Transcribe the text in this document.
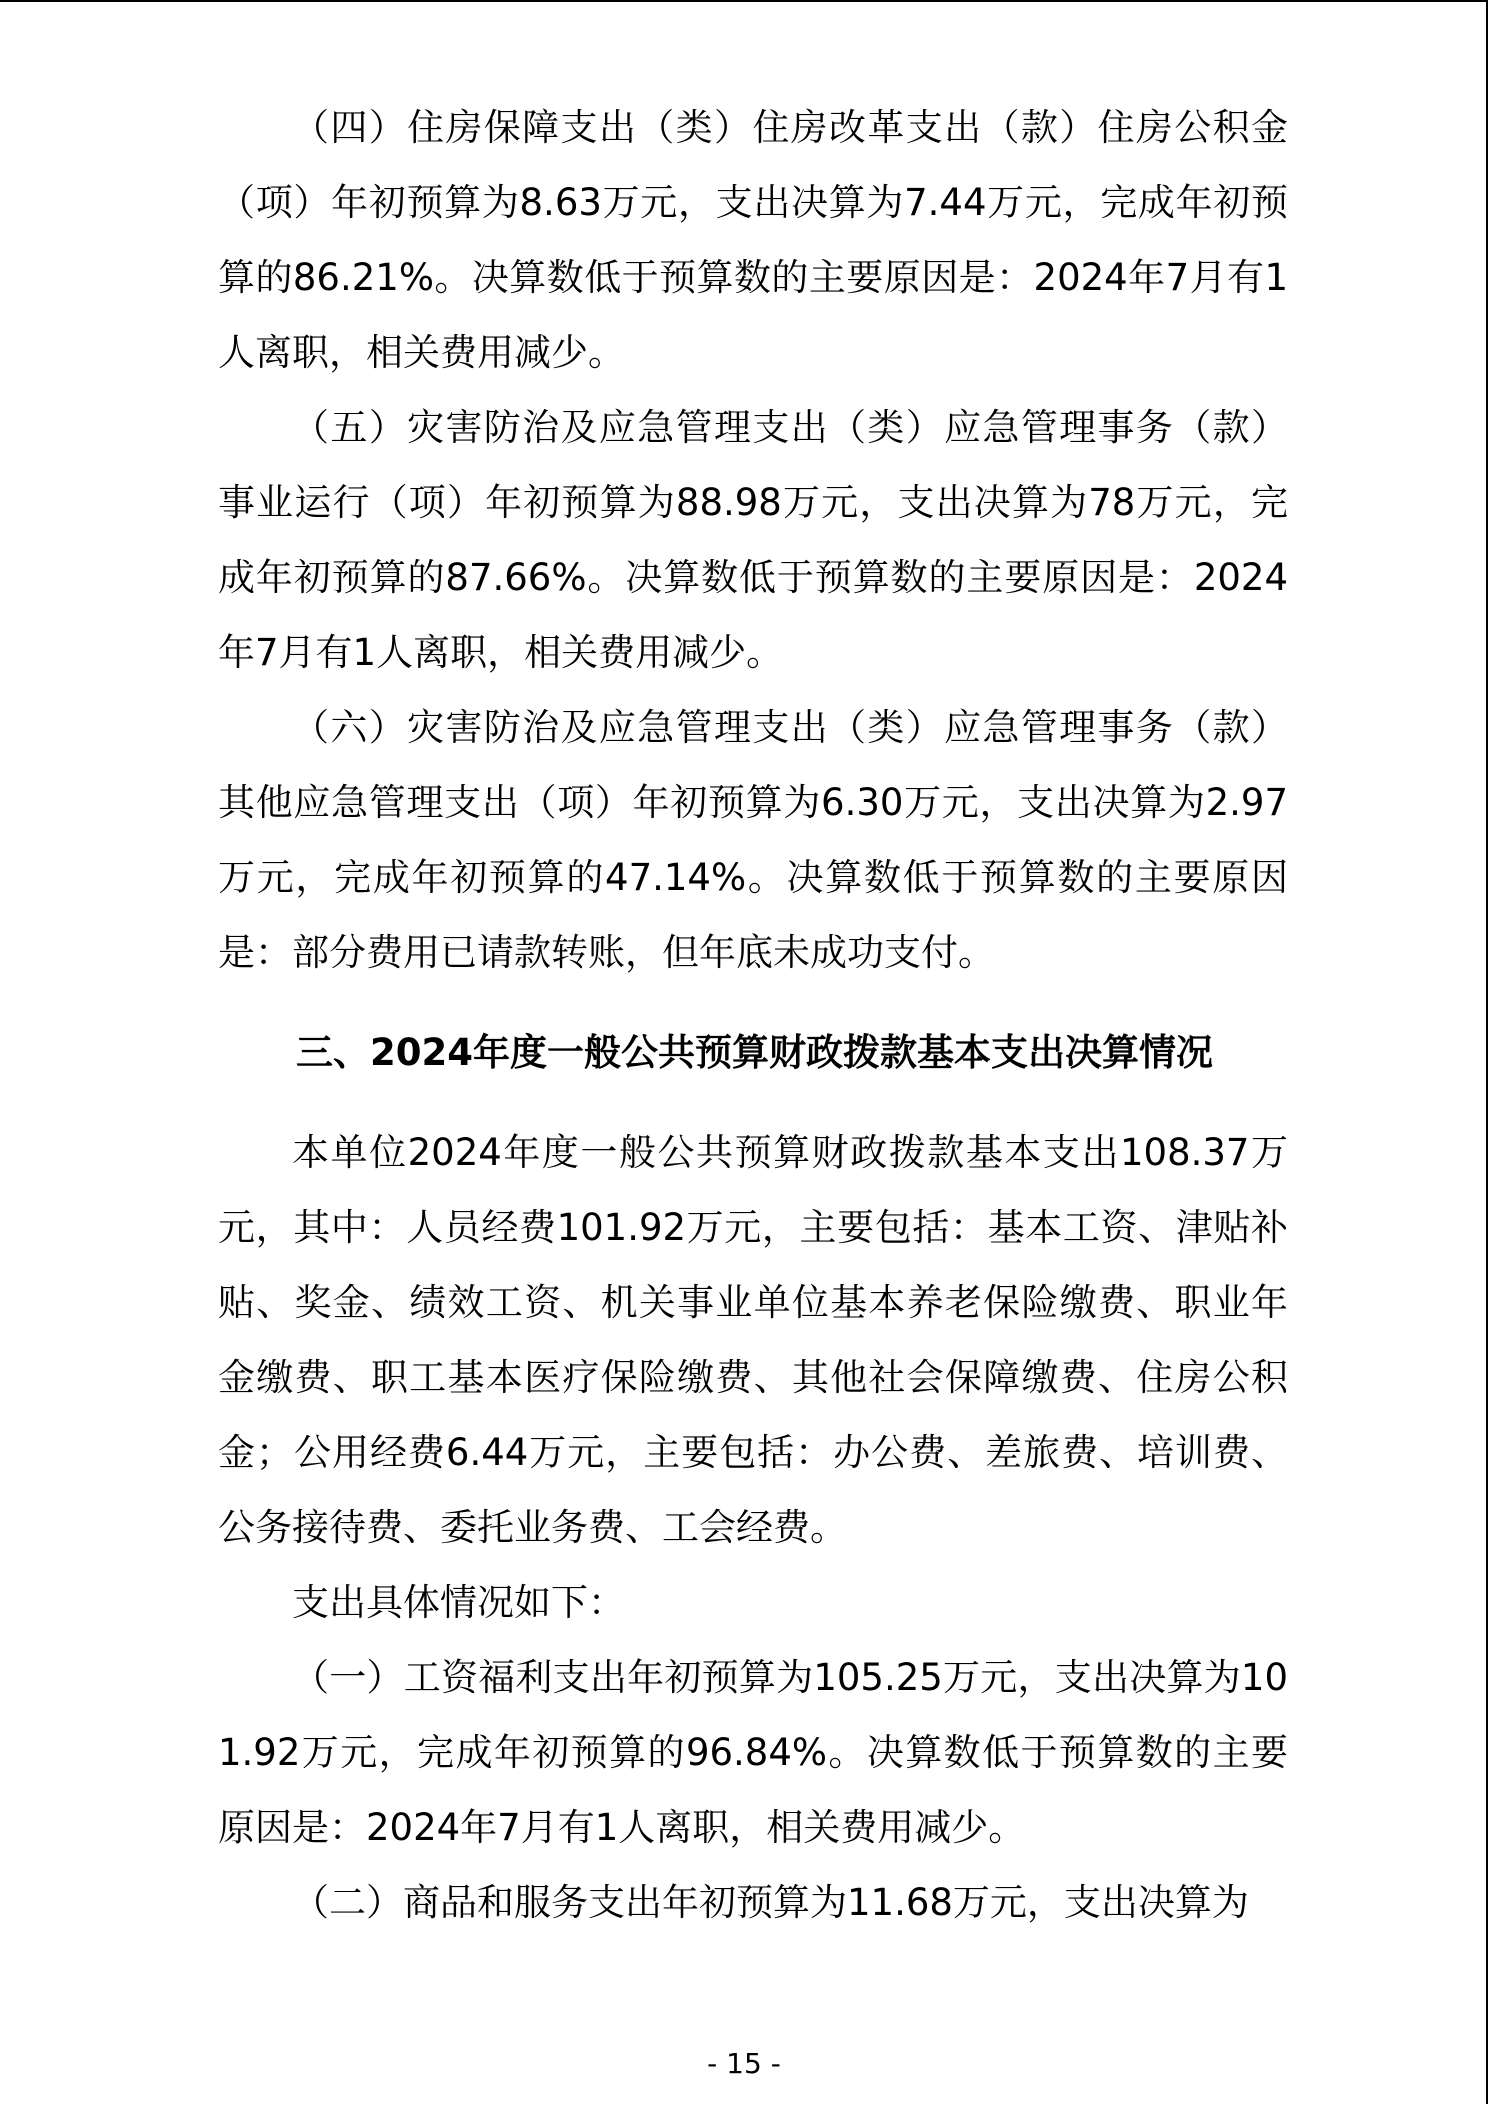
（四）住房保障支出（类）住房改革支出（款）住房公积金（项）年初预算为8.63万元，支出决算为7.44万元，完成年初预算的86.21%。决算数低于预算数的主要原因是：2024年7月有1人离职，相关费用减少。

（五）灾害防治及应急管理支出（类）应急管理事务（款）事业运行（项）年初预算为88.98万元，支出决算为78万元，完成年初预算的87.66%。决算数低于预算数的主要原因是：2024年7月有1人离职，相关费用减少。

（六）灾害防治及应急管理支出（类）应急管理事务（款）其他应急管理支出（项）年初预算为6.30万元，支出决算为2.97万元，完成年初预算的47.14%。决算数低于预算数的主要原因是：部分费用已请款转账，但年底未成功支付。

三、2024年度一般公共预算财政拨款基本支出决算情况

本单位2024年度一般公共预算财政拨款基本支出108.37万元，其中：人员经费101.92万元，主要包括：基本工资、津贴补贴、奖金、绩效工资、机关事业单位基本养老保险缴费、职业年金缴费、职工基本医疗保险缴费、其他社会保障缴费、住房公积金；公用经费6.44万元，主要包括：办公费、差旅费、培训费、公务接待费、委托业务费、工会经费。

支出具体情况如下：

（一）工资福利支出年初预算为105.25万元，支出决算为101.92万元，完成年初预算的96.84%。决算数低于预算数的主要原因是：2024年7月有1人离职，相关费用减少。

（二）商品和服务支出年初预算为11.68万元，支出决算为

- 15 -
